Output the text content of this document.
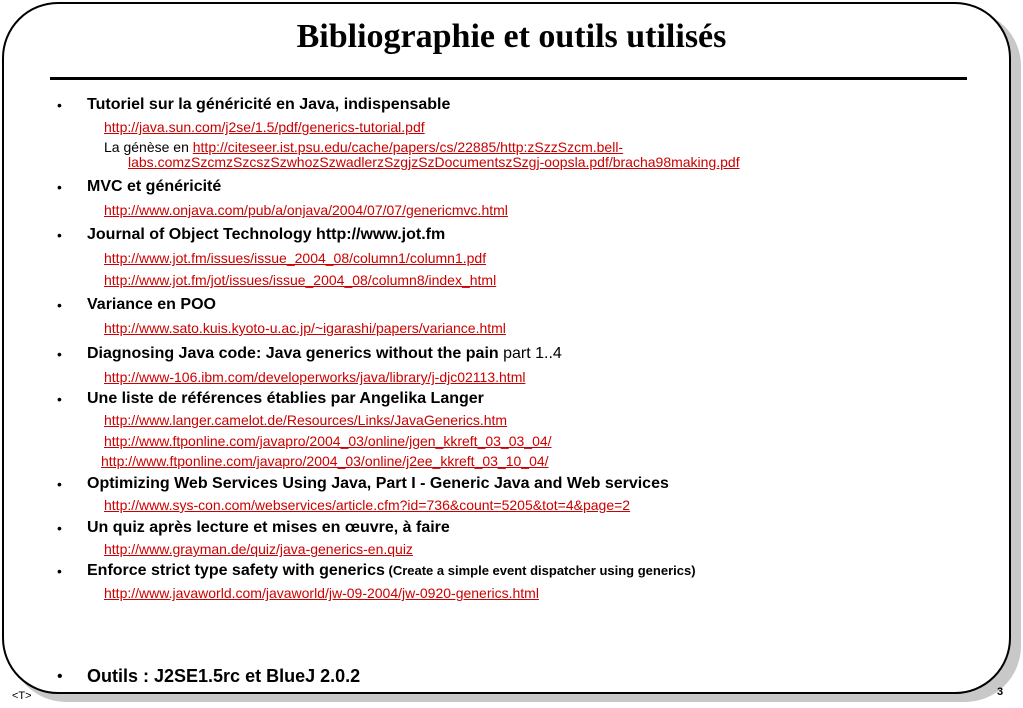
Bibliographie et outils utilisés
• Tutoriel sur la généricité en Java, indispensable
http://java.sun.com/j2se/1.5/pdf/generics-tutorial.pdf
La génèse en http://citeseer.ist.psu.edu/cache/papers/cs/22885/http:zSzzSzcm.bell-
labs.comzSzcmzSzcszSzwhozSzwadlerzSzgjzSzDocumentszSzgj-oopsla.pdf/bracha98making.pdf
• MVC et généricité
http://www.onjava.com/pub/a/onjava/2004/07/07/genericmvc.html
• Journal of Object Technology http://www.jot.fm
http://www.jot.fm/issues/issue_2004_08/column1/column1.pdf
http://www.jot.fm/jot/issues/issue_2004_08/column8/index_html
• Variance en POO
http://www.sato.kuis.kyoto-u.ac.jp/~igarashi/papers/variance.html
• Diagnosing Java code: Java generics without the pain part 1..4
http://www-106.ibm.com/developerworks/java/library/j-djc02113.html
• Une liste de références établies par Angelika Langer
http://www.langer.camelot.de/Resources/Links/JavaGenerics.htm
http://www.ftponline.com/javapro/2004_03/online/jgen_kkreft_03_03_04/
http://www.ftponline.com/javapro/2004_03/online/j2ee_kkreft_03_10_04/
• Optimizing Web Services Using Java, Part I - Generic Java and Web services
http://www.sys-con.com/webservices/article.cfm?id=736&count=5205&tot=4&page=2
• Un quiz après lecture et mises en œuvre, à faire
http://www.grayman.de/quiz/java-generics-en.quiz
• Enforce strict type safety with generics (Create a simple event dispatcher using generics)
http://www.javaworld.com/javaworld/jw-09-2004/jw-0920-generics.html
• Outils : J2SE1.5rc et BlueJ 2.0.2
<T>	3
